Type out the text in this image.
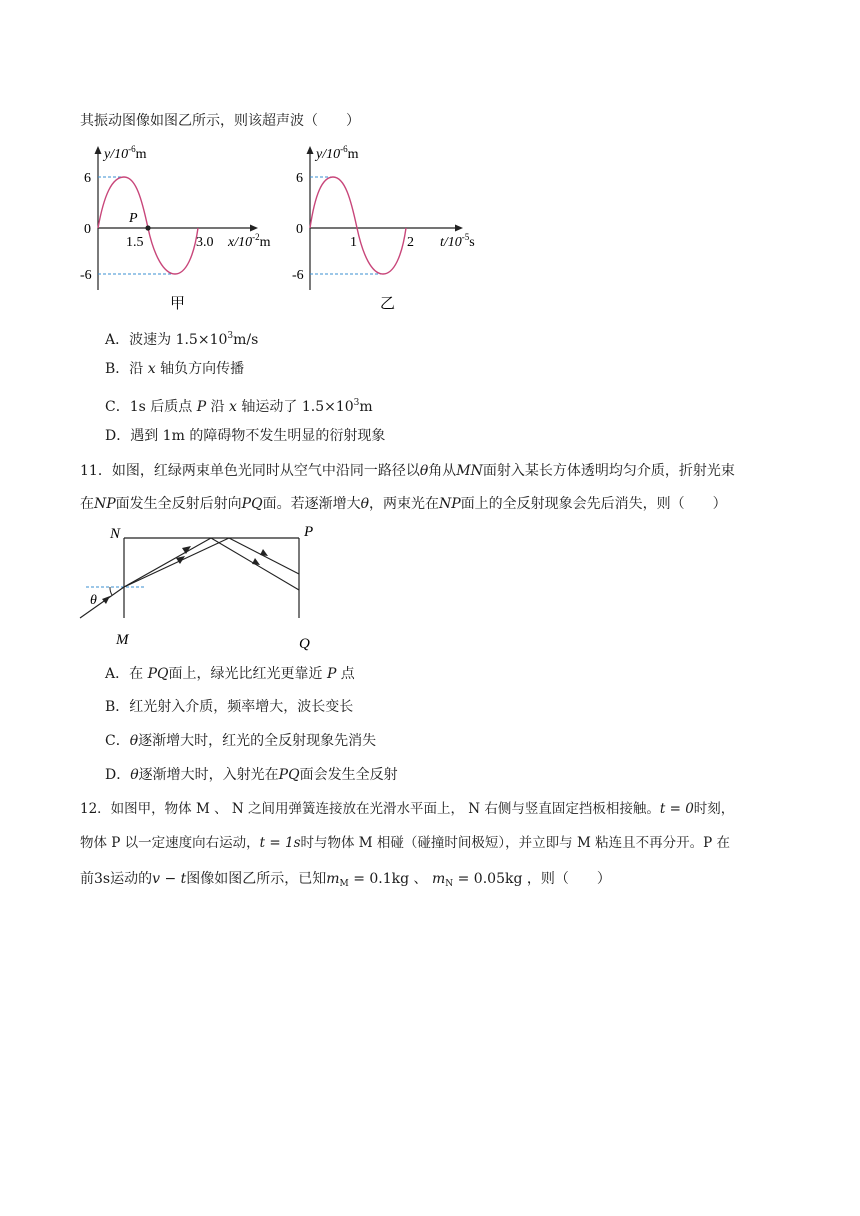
其振动图像如图乙所示，则该超声波（　　）
$y/10^{-6}m$
6
0
-6
P
1.5	3.0 $x/10^{-2}m$
甲
$y/10^{-6}m$
6
0
-6
1	2 $t/10^{-5}s$
乙
A．波速为 $1.5\times 10^3m/s$
B．沿 x 轴负方向传播
C．1s 后质点 P 沿 x 轴运动了 $1.5\times 10^3m$
D．遇到 1m 的障碍物不发生明显的衍射现象
11．如图，红绿两束单色光同时从空气中沿同一路径以θ角从MN面射入某长方体透明均匀介质，折射光束
在NP面发生全反射后射向PQ面。若逐渐增大θ，两束光在NP面上的全反射现象会先后消失，则（　　）
N	P
M	Q
θ
A．在 PQ面上，绿光比红光更靠近 P 点
B．红光射入介质，频率增大，波长变长
C．θ逐渐增大时，红光的全反射现象先消失
D．θ逐渐增大时，入射光在PQ面会发生全反射
12．如图甲，物体 M 、 N 之间用弹簧连接放在光滑水平面上， N 右侧与竖直固定挡板相接触。t = 0时刻，
物体 P 以一定速度向右运动，t = 1s时与物体 M 相碰（碰撞时间极短），并立即与 M 粘连且不再分开。P 在
前3s运动的v − t图像如图乙所示，已知$m_M = 0.1kg$ 、 $m_N = 0.05kg$ ，则（　　）
